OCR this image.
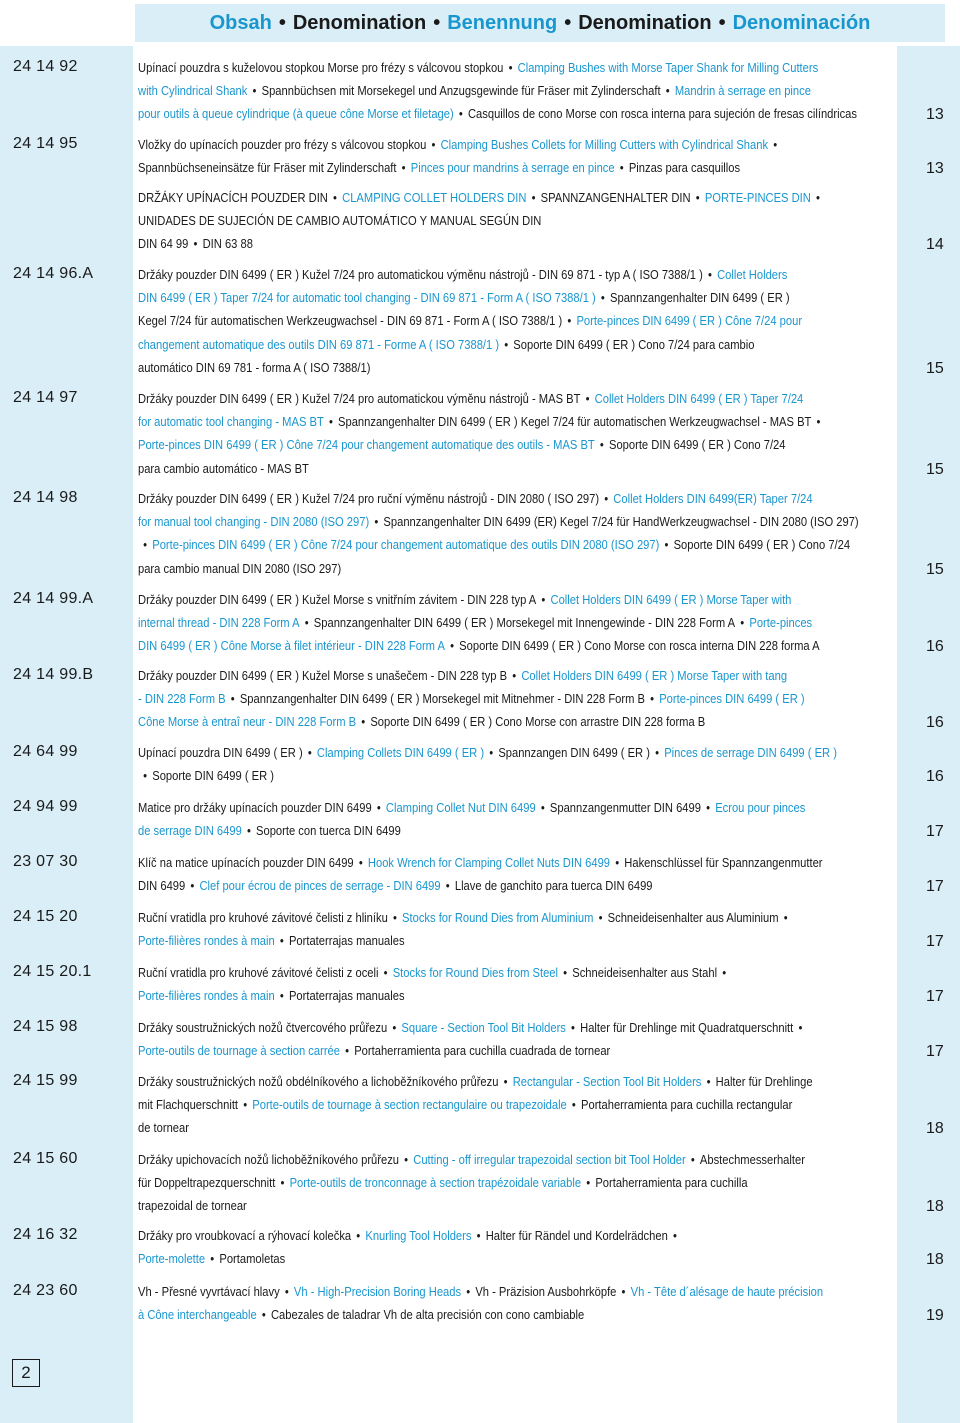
Obsah • Denomination • Benennung • Denomination • Denominación
24 14 92	Upínací pouzdra s kuželovou stopkou Morse pro frézy s válcovou stopkou • Clamping Bushes with Morse Taper Shank for Milling Cutters
with Cylindrical Shank • Spannbüchsen mit Morsekegel und Anzugsgewinde für Fräser mit Zylinderschaft • Mandrin à serrage en pince
pour outils à queue cylindrique (à queue cône Morse et filetage) • Casquillos de cono Morse con rosca interna para sujeción de fresas cilíndricas	13
24 14 95	Vložky do upínacích pouzder pro frézy s válcovou stopkou • Clamping Bushes Collets for Milling Cutters with Cylindrical Shank •
Spannbüchseneinsätze für Fräser mit Zylinderschaft • Pinces pour mandrins à serrage en pince • Pinzas para casquillos	13
DRŽÁKY UPÍNACÍCH POUZDER DIN • CLAMPING COLLET HOLDERS DIN • SPANNZANGENHALTER DIN • PORTE-PINCES DIN •
UNIDADES DE SUJECIÓN DE CAMBIO AUTOMÁTICO Y MANUAL SEGÚN DIN
DIN 64 99 • DIN 63 88	14
24 14 96.A	Držáky pouzder DIN 6499 ( ER ) Kužel 7/24 pro automatickou výměnu nástrojů - DIN 69 871 - typ A ( ISO 7388/1 ) • Collet Holders
DIN 6499 ( ER ) Taper 7/24 for automatic tool changing - DIN 69 871 - Form A ( ISO 7388/1 ) • Spannzangenhalter DIN 6499 ( ER )
Kegel 7/24 für automatischen Werkzeugwachsel - DIN 69 871 - Form A ( ISO 7388/1 ) • Porte-pinces DIN 6499 ( ER ) Cône 7/24 pour
changement automatique des outils DIN 69 871 - Forme A ( ISO 7388/1 ) • Soporte DIN 6499 ( ER ) Cono 7/24 para cambio
automático DIN 69 781 - forma A ( ISO 7388/1)	15
24 14 97	Držáky pouzder DIN 6499 ( ER ) Kužel 7/24 pro automatickou výměnu nástrojů - MAS BT • Collet Holders DIN 6499 ( ER ) Taper 7/24
for automatic tool changing - MAS BT • Spannzangenhalter DIN 6499 ( ER ) Kegel 7/24 für automatischen Werkzeugwachsel - MAS BT •
Porte-pinces DIN 6499 ( ER ) Cône 7/24 pour changement automatique des outils - MAS BT • Soporte DIN 6499 ( ER ) Cono 7/24
para cambio automático - MAS BT	15
24 14 98	Držáky pouzder DIN 6499 ( ER ) Kužel 7/24 pro ruční výměnu nástrojů - DIN 2080 ( ISO 297) • Collet Holders DIN 6499(ER) Taper 7/24
for manual tool changing - DIN 2080 (ISO 297) • Spannzangenhalter DIN 6499 (ER) Kegel 7/24 für HandWerkzeugwachsel - DIN 2080 (ISO 297)
• Porte-pinces DIN 6499 ( ER ) Cône 7/24 pour changement automatique des outils DIN 2080 (ISO 297) • Soporte DIN 6499 ( ER ) Cono 7/24
para cambio manual DIN 2080 (ISO 297)	15
24 14 99.A	Držáky pouzder DIN 6499 ( ER ) Kužel Morse s vnitřním závitem - DIN 228 typ A • Collet Holders DIN 6499 ( ER ) Morse Taper with
internal thread - DIN 228 Form A • Spannzangenhalter DIN 6499 ( ER ) Morsekegel mit Innengewinde - DIN 228 Form A • Porte-pinces
DIN 6499 ( ER ) Cône Morse à filet intérieur - DIN 228 Form A • Soporte DIN 6499 ( ER ) Cono Morse con rosca interna DIN 228 forma A	16
24 14 99.B	Držáky pouzder DIN 6499 ( ER ) Kužel Morse s unašečem - DIN 228 typ B • Collet Holders DIN 6499 ( ER ) Morse Taper with tang
- DIN 228 Form B • Spannzangenhalter DIN 6499 ( ER ) Morsekegel mit Mitnehmer - DIN 228 Form B • Porte-pinces DIN 6499 ( ER )
Cône Morse à entraî neur - DIN 228 Form B • Soporte DIN 6499 ( ER ) Cono Morse con arrastre DIN 228 forma B	16
24 64 99	Upínací pouzdra DIN 6499 ( ER ) • Clamping Collets DIN 6499 ( ER ) • Spannzangen DIN 6499 ( ER ) • Pinces de serrage DIN 6499 ( ER )
• Soporte DIN 6499 ( ER )	16
24 94 99	Matice pro držáky upínacích pouzder DIN 6499 • Clamping Collet Nut DIN 6499 • Spannzangenmutter DIN 6499 • Ecrou pour pinces
de serrage DIN 6499 • Soporte con tuerca DIN 6499	17
23 07 30	Klíč na matice upínacích pouzder DIN 6499 • Hook Wrench for Clamping Collet Nuts DIN 6499 • Hakenschlüssel für Spannzangenmutter
DIN 6499 • Clef pour écrou de pinces de serrage - DIN 6499 • Llave de ganchito para tuerca DIN 6499	17
24 15 20	Ruční vratidla pro kruhové závitové čelisti z hliníku • Stocks for Round Dies from Aluminium • Schneideisenhalter aus Aluminium •
Porte-filières rondes à main • Portaterrajas manuales	17
24 15 20.1	Ruční vratidla pro kruhové závitové čelisti z oceli • Stocks for Round Dies from Steel • Schneideisenhalter aus Stahl •
Porte-filières rondes à main • Portaterrajas manuales	17
24 15 98	Držáky soustružnických nožů čtvercového průřezu • Square - Section Tool Bit Holders • Halter für Drehlinge mit Quadratquerschnitt •
Porte-outils de tournage à section carrée • Portaherramienta para cuchilla cuadrada de tornear	17
24 15 99	Držáky soustružnických nožů obdélníkového a lichoběžníkového průřezu • Rectangular - Section Tool Bit Holders • Halter für Drehlinge
mit Flachquerschnitt • Porte-outils de tournage à section rectangulaire ou trapezoidale • Portaherramienta para cuchilla rectangular
de tornear	18
24 15 60	Držáky upichovacích nožů lichoběžníkového průřezu • Cutting - off irregular trapezoidal section bit Tool Holder • Abstechmesserhalter
für Doppeltrapezquerschnitt • Porte-outils de tronconnage à section trapézoidale variable • Portaherramienta para cuchilla
trapezoidal de tornear	18
24 16 32	Držáky pro vroubkovací a rýhovací kolečka • Knurling Tool Holders • Halter für Rändel und Kordelrädchen •
Porte-molette • Portamoletas	18
24 23 60	Vh - Přesné vyvrtávací hlavy • Vh - High-Precision Boring Heads • Vh - Präzision Ausbohrköpfe • Vh - Tête d´alésage de haute précision
à Cône interchangeable • Cabezales de taladrar Vh de alta precisión con cono cambiable	19
2
